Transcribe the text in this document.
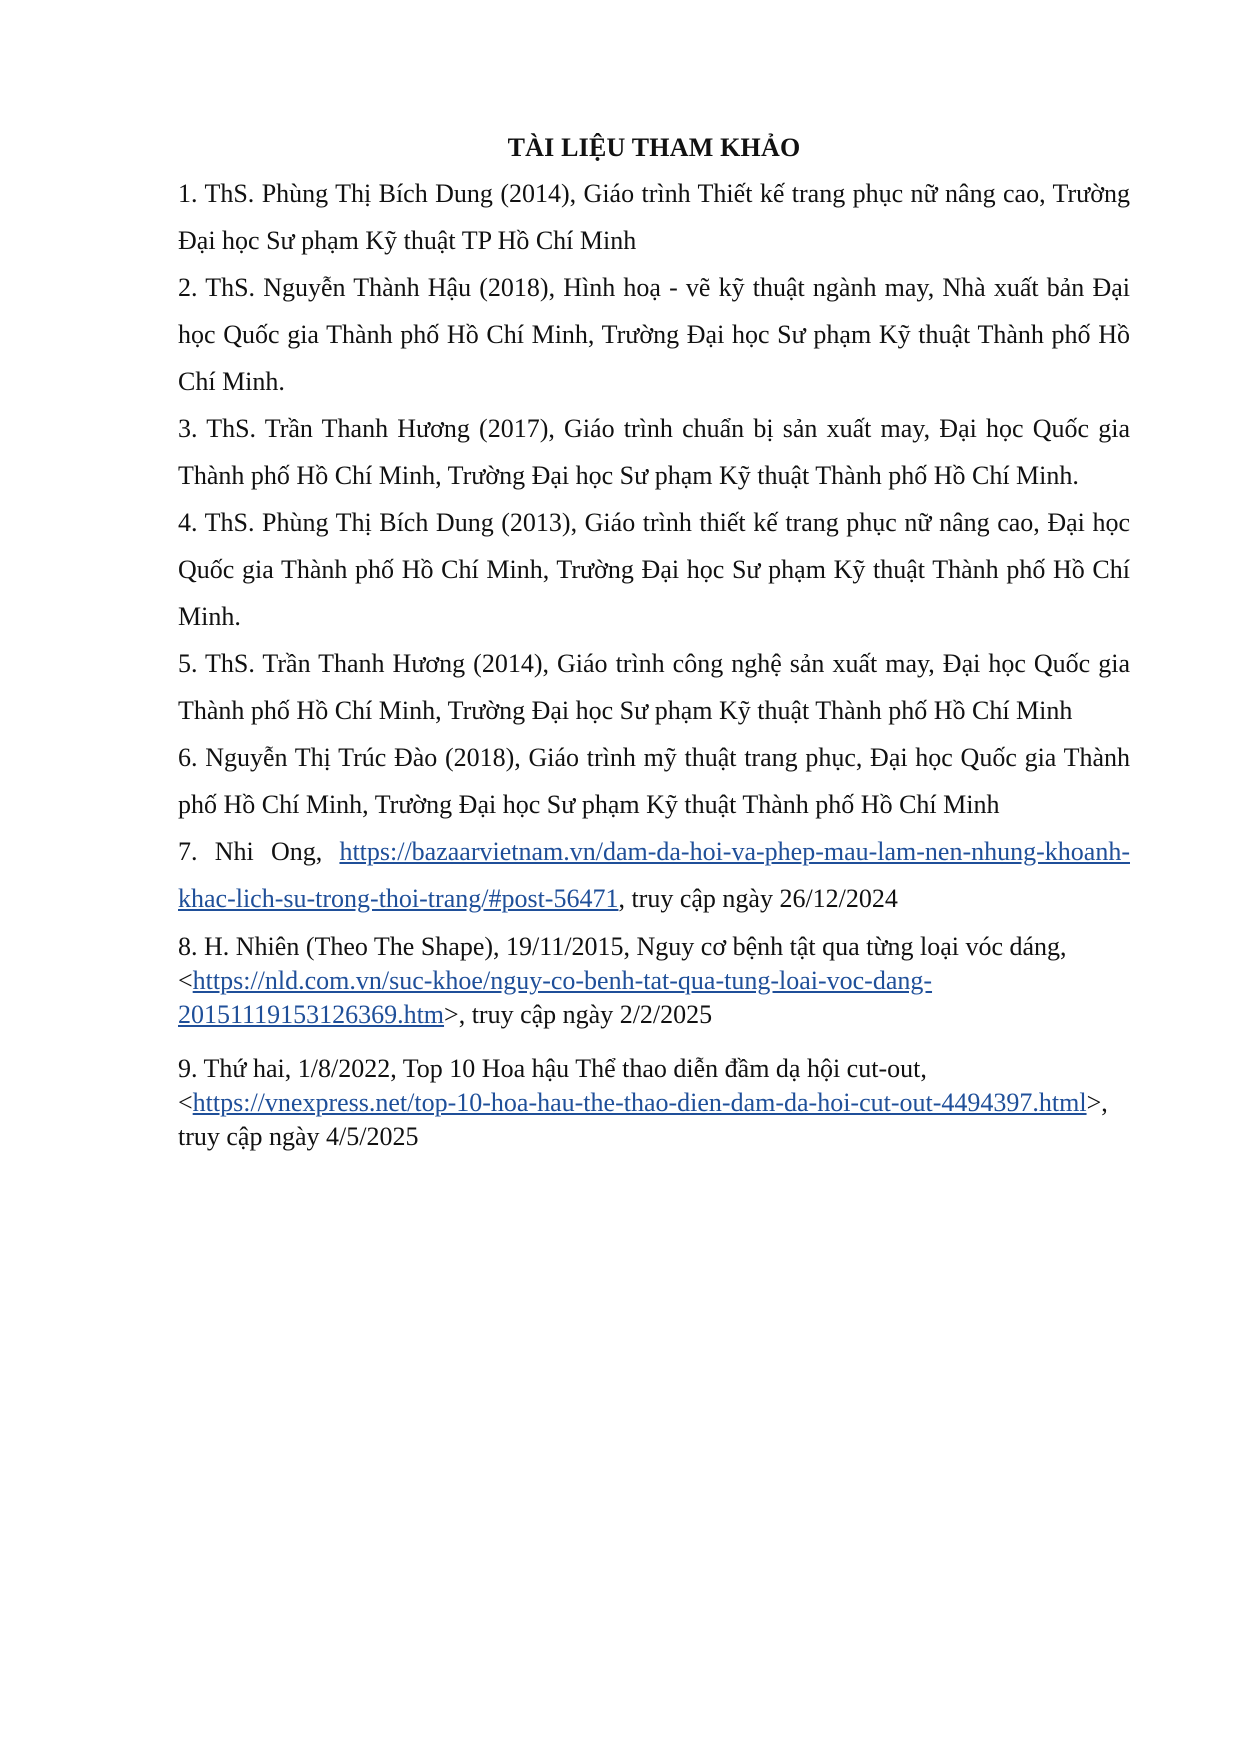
TÀI LIỆU THAM KHẢO

1. ThS. Phùng Thị Bích Dung (2014), Giáo trình Thiết kế trang phục nữ nâng cao, Trường Đại học Sư phạm Kỹ thuật TP Hồ Chí Minh

2. ThS. Nguyễn Thành Hậu (2018), Hình hoạ - vẽ kỹ thuật ngành may, Nhà xuất bản Đại học Quốc gia Thành phố Hồ Chí Minh, Trường Đại học Sư phạm Kỹ thuật Thành phố Hồ Chí Minh.

3. ThS. Trần Thanh Hương (2017), Giáo trình chuẩn bị sản xuất may, Đại học Quốc gia Thành phố Hồ Chí Minh, Trường Đại học Sư phạm Kỹ thuật Thành phố Hồ Chí Minh.

4. ThS. Phùng Thị Bích Dung (2013), Giáo trình thiết kế trang phục nữ nâng cao, Đại học Quốc gia Thành phố Hồ Chí Minh, Trường Đại học Sư phạm Kỹ thuật Thành phố Hồ Chí Minh.

5. ThS. Trần Thanh Hương (2014), Giáo trình công nghệ sản xuất may, Đại học Quốc gia Thành phố Hồ Chí Minh, Trường Đại học Sư phạm Kỹ thuật Thành phố Hồ Chí Minh

6. Nguyễn Thị Trúc Đào (2018), Giáo trình mỹ thuật trang phục, Đại học Quốc gia Thành phố Hồ Chí Minh, Trường Đại học Sư phạm Kỹ thuật Thành phố Hồ Chí Minh

7. Nhi Ong, https://bazaarvietnam.vn/dam-da-hoi-va-phep-mau-lam-nen-nhung-khoanh-khac-lich-su-trong-thoi-trang/#post-56471, truy cập ngày 26/12/2024

8. H. Nhiên (Theo The Shape), 19/11/2015, Nguy cơ bệnh tật qua từng loại vóc dáng, <https://nld.com.vn/suc-khoe/nguy-co-benh-tat-qua-tung-loai-voc-dang-20151119153126369.htm>, truy cập ngày 2/2/2025

9. Thứ hai, 1/8/2022, Top 10 Hoa hậu Thể thao diễn đầm dạ hội cut-out, <https://vnexpress.net/top-10-hoa-hau-the-thao-dien-dam-da-hoi-cut-out-4494397.html>, truy cập ngày 4/5/2025
